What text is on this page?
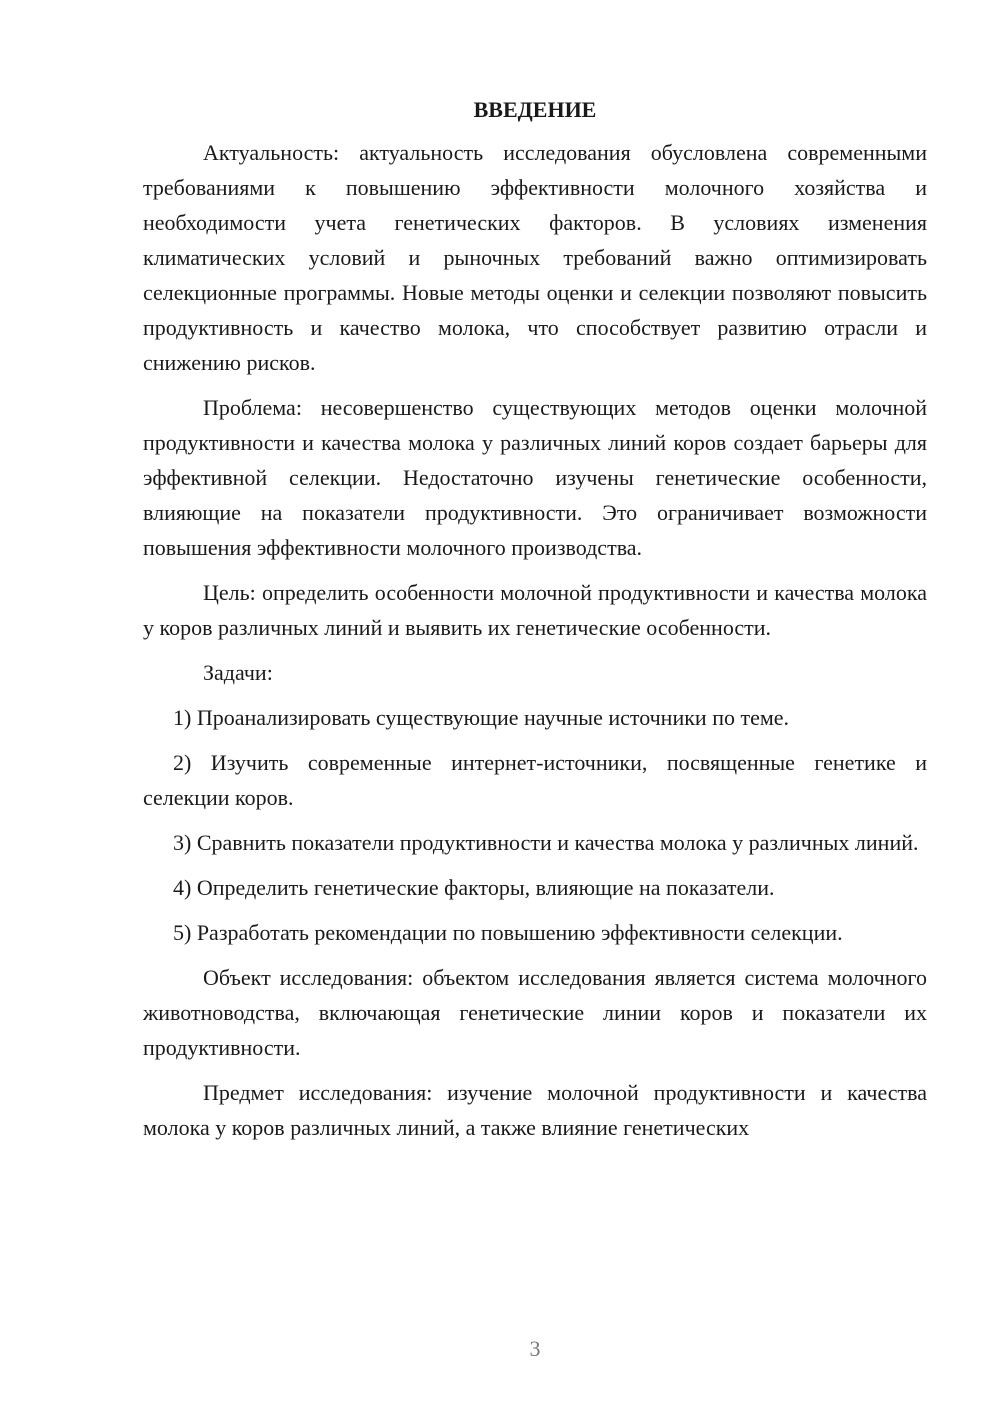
ВВЕДЕНИЕ

Актуальность: актуальность исследования обусловлена современными требованиями к повышению эффективности молочного хозяйства и необходимости учета генетических факторов. В условиях изменения климатических условий и рыночных требований важно оптимизировать селекционные программы. Новые методы оценки и селекции позволяют повысить продуктивность и качество молока, что способствует развитию отрасли и снижению рисков.

Проблема: несовершенство существующих методов оценки молочной продуктивности и качества молока у различных линий коров создает барьеры для эффективной селекции. Недостаточно изучены генетические особенности, влияющие на показатели продуктивности. Это ограничивает возможности повышения эффективности молочного производства.

Цель: определить особенности молочной продуктивности и качества молока у коров различных линий и выявить их генетические особенности.

Задачи:

1) Проанализировать существующие научные источники по теме.

2) Изучить современные интернет-источники, посвященные генетике и селекции коров.

3) Сравнить показатели продуктивности и качества молока у различных линий.

4) Определить генетические факторы, влияющие на показатели.

5) Разработать рекомендации по повышению эффективности селекции.

Объект исследования: объектом исследования является система молочного животноводства, включающая генетические линии коров и показатели их продуктивности.

Предмет исследования: изучение молочной продуктивности и качества молока у коров различных линий, а также влияние генетических

3
